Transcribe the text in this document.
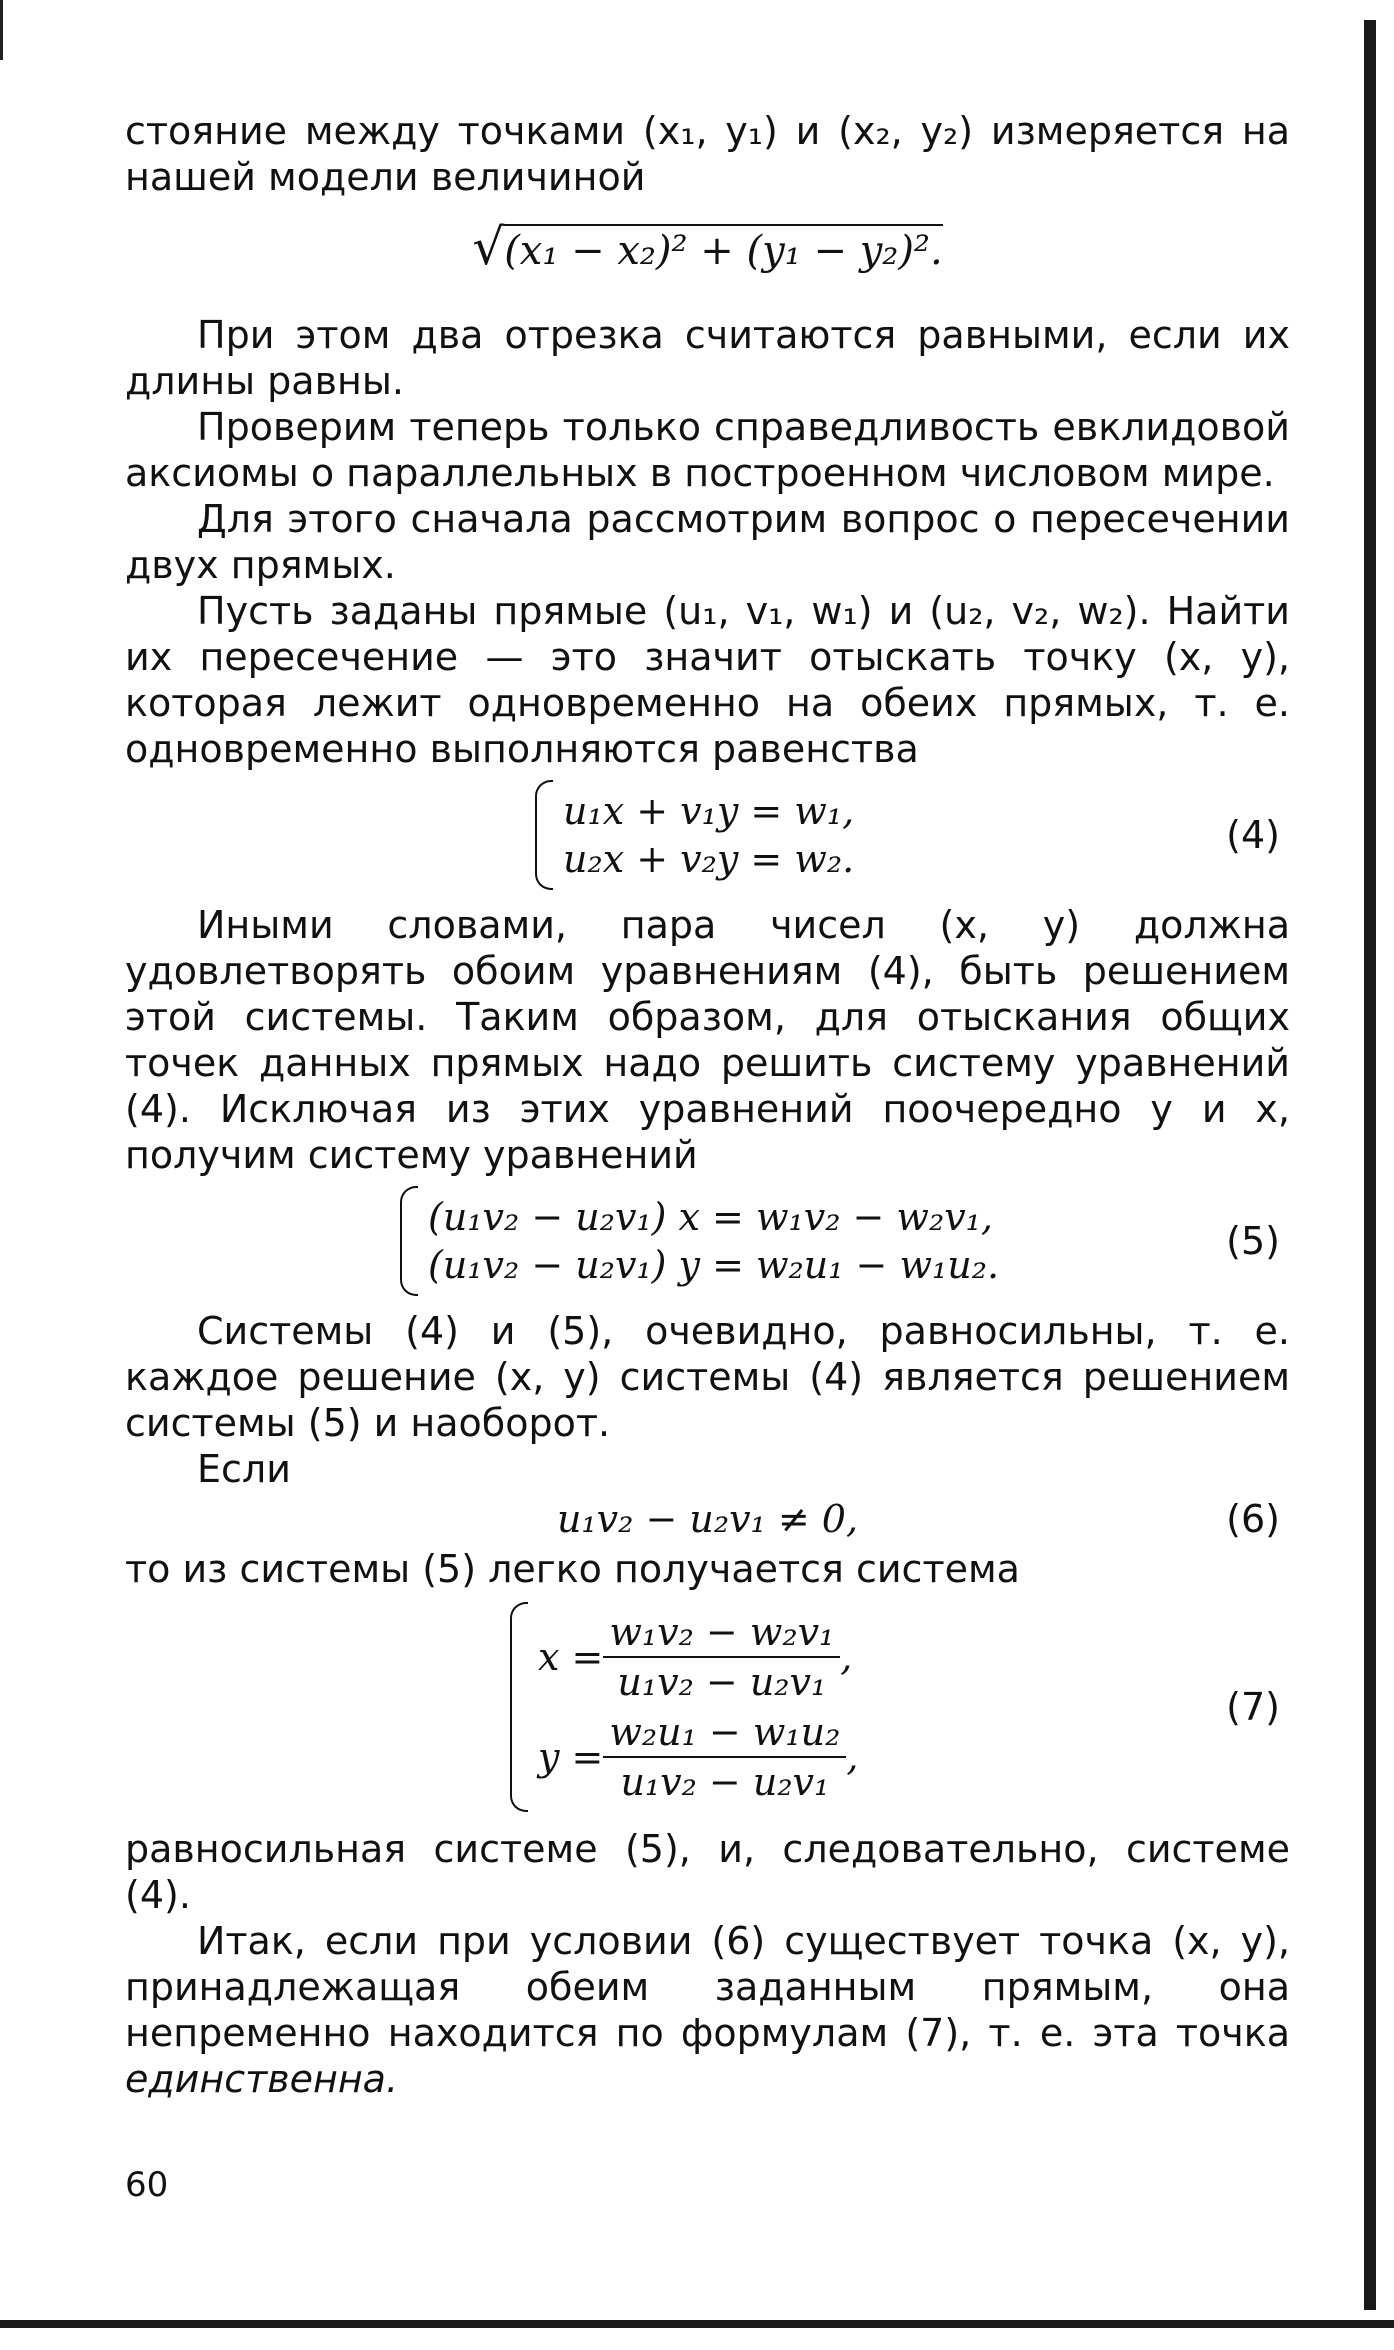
стояние между точками (x₁, y₁) и (x₂, y₂) измеряется на нашей модели величиной

√(x₁ − x₂)² + (y₁ − y₂)².

При этом два отрезка считаются равными, если их длины равны.

Проверим теперь только справедливость евклидовой аксиомы о параллельных в построенном числовом мире.

Для этого сначала рассмотрим вопрос о пересечении двух прямых.

Пусть заданы прямые (u₁, v₁, w₁) и (u₂, v₂, w₂). Найти их пересечение — это значит отыскать точку (x, y), которая лежит одновременно на обеих прямых, т. е. одновременно выполняются равенства

u₁x + v₁y = w₁,
u₂x + v₂y = w₂.
(4)

Иными словами, пара чисел (x, y) должна удовлетворять обоим уравнениям (4), быть решением этой системы. Таким образом, для отыскания общих точек данных прямых надо решить систему уравнений (4). Исключая из этих уравнений поочередно y и x, получим систему уравнений

(u₁v₂ − u₂v₁) x = w₁v₂ − w₂v₁,
(u₁v₂ − u₂v₁) y = w₂u₁ − w₁u₂.
(5)

Системы (4) и (5), очевидно, равносильны, т. е. каждое решение (x, y) системы (4) является решением системы (5) и наоборот.

Если

u₁v₂ − u₂v₁ ≠ 0,	(6)

то из системы (5) легко получается система

$x = \frac{\text{w₁v₂ − w₂v₁}}{\text{u₁v₂ − u₂v₁}}$ ,
$y = \frac{\text{w₂u₁ − w₁u₂}}{\text{u₁v₂ − u₂v₁}}$ ,
(7)

равносильная системе (5), и, следовательно, системе (4).

Итак, если при условии (6) существует точка (x, y), принадлежащая обеим заданным прямым, она непременно находится по формулам (7), т. е. эта точка единственна.

60
